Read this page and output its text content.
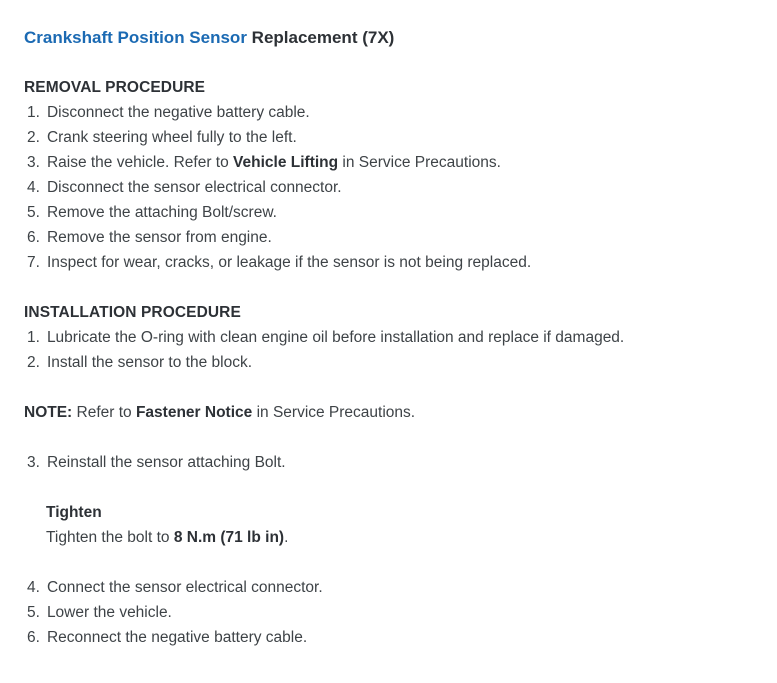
Crankshaft Position Sensor Replacement (7X)
REMOVAL PROCEDURE
1. Disconnect the negative battery cable.
2. Crank steering wheel fully to the left.
3. Raise the vehicle. Refer to Vehicle Lifting in Service Precautions.
4. Disconnect the sensor electrical connector.
5. Remove the attaching Bolt/screw.
6. Remove the sensor from engine.
7. Inspect for wear, cracks, or leakage if the sensor is not being replaced.
INSTALLATION PROCEDURE
1. Lubricate the O-ring with clean engine oil before installation and replace if damaged.
2. Install the sensor to the block.

NOTE: Refer to Fastener Notice in Service Precautions.

3. Reinstall the sensor attaching Bolt.

Tighten

Tighten the bolt to 8 N.m (71 lb in).

4. Connect the sensor electrical connector.
5. Lower the vehicle.
6. Reconnect the negative battery cable.
